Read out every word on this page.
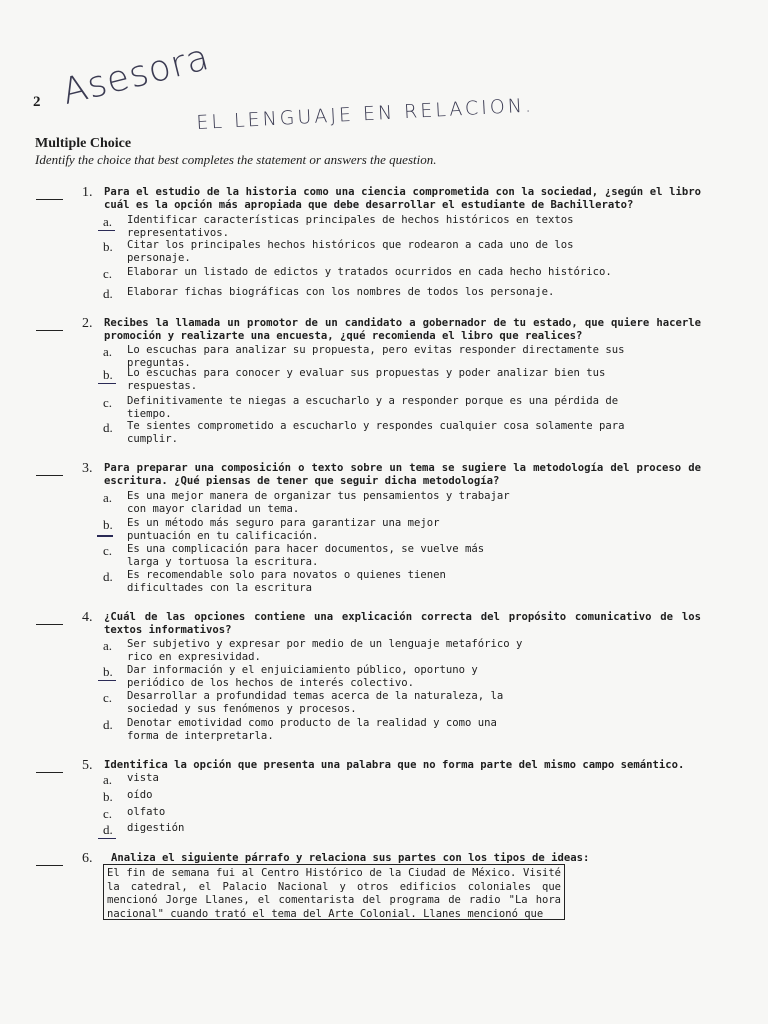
2 Asesora
EL LENGUAJE EN RELACION.
Multiple Choice
Identify the choice that best completes the statement or answers the question.
1. Para el estudio de la historia como una ciencia comprometida con la sociedad, ¿según el libro cuál es la opción más apropiada que debe desarrollar el estudiante de Bachillerato?
a. Identificar características principales de hechos históricos en textos
representativos.
b. Citar los principales hechos históricos que rodearon a cada uno de los
personaje.
c. Elaborar un listado de edictos y tratados ocurridos en cada hecho histórico.
d. Elaborar fichas biográficas con los nombres de todos los personaje.
2. Recibes la llamada un promotor de un candidato a gobernador de tu estado, que quiere hacerle promoción y realizarte una encuesta, ¿qué recomienda el libro que realices?
a. Lo escuchas para analizar su propuesta, pero evitas responder directamente sus
preguntas.
b. Lo escuchas para conocer y evaluar sus propuestas y poder analizar bien tus
respuestas.
c. Definitivamente te niegas a escucharlo y a responder porque es una pérdida de
tiempo.
d. Te sientes comprometido a escucharlo y respondes cualquier cosa solamente para
cumplir.
3. Para preparar una composición o texto sobre un tema se sugiere la metodología del proceso de escritura. ¿Qué piensas de tener que seguir dicha metodología?
a. Es una mejor manera de organizar tus pensamientos y trabajar
con mayor claridad un tema.
b. Es un método más seguro para garantizar una mejor
puntuación en tu calificación.
c. Es una complicación para hacer documentos, se vuelve más
larga y tortuosa la escritura.
d. Es recomendable solo para novatos o quienes tienen
dificultades con la escritura
4. ¿Cuál de las opciones contiene una explicación correcta del propósito comunicativo de los textos informativos?
a. Ser subjetivo y expresar por medio de un lenguaje metafórico y
rico en expresividad.
b. Dar información y el enjuiciamiento público, oportuno y
periódico de los hechos de interés colectivo.
c. Desarrollar a profundidad temas acerca de la naturaleza, la
sociedad y sus fenómenos y procesos.
d. Denotar emotividad como producto de la realidad y como una
forma de interpretarla.
5. Identifica la opción que presenta una palabra que no forma parte del mismo campo semántico.
a. vista
b. oído
c. olfato
d. digestión
6. Analiza el siguiente párrafo y relaciona sus partes con los tipos de ideas:
El fin de semana fui al Centro Histórico de la Ciudad de México. Visité la catedral, el Palacio Nacional y otros edificios coloniales que mencionó Jorge Llanes, el comentarista del programa de radio "La hora nacional" cuando trató el tema del Arte Colonial. Llanes mencionó que
